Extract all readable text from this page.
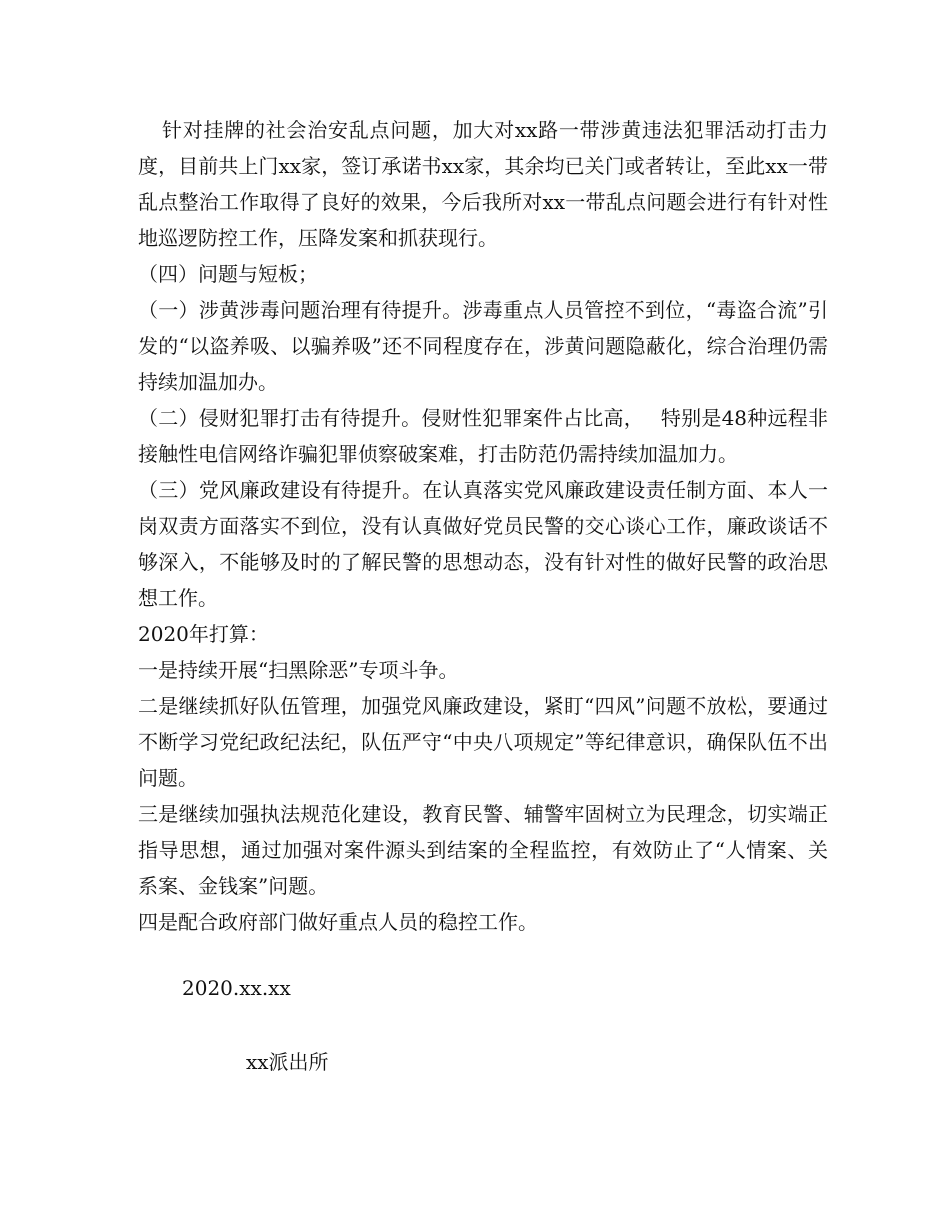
针对挂牌的社会治安乱点问题，加大对xx路一带涉黄违法犯罪活动打击力度，目前共上门xx家，签订承诺书xx家，其余均已关门或者转让，至此xx一带乱点整治工作取得了良好的效果，今后我所对xx一带乱点问题会进行有针对性地巡逻防控工作，压降发案和抓获现行。

（四）问题与短板；

（一）涉黄涉毒问题治理有待提升。涉毒重点人员管控不到位，“毒盗合流”引发的“以盗养吸、以骗养吸”还不同程度存在，涉黄问题隐蔽化，综合治理仍需持续加温加办。

（二）侵财犯罪打击有待提升。侵财性犯罪案件占比高，　 特别是48种远程非接触性电信网络诈骗犯罪侦察破案难，打击防范仍需持续加温加力。

（三）党风廉政建设有待提升。在认真落实党风廉政建设责任制方面、本人一岗双责方面落实不到位，没有认真做好党员民警的交心谈心工作，廉政谈话不够深入，不能够及时的了解民警的思想动态，没有针对性的做好民警的政治思想工作。

2020年打算：

一是持续开展“扫黑除恶”专项斗争。

二是继续抓好队伍管理，加强党风廉政建设，紧盯“四风”问题不放松，要通过不断学习党纪政纪法纪，队伍严守“中央八项规定”等纪律意识，确保队伍不出问题。

三是继续加强执法规范化建设，教育民警、辅警牢固树立为民理念，切实端正指导思想，通过加强对案件源头到结案的全程监控，有效防止了“人情案、关系案、金钱案”问题。

四是配合政府部门做好重点人员的稳控工作。

2020.xx.xx

xx派出所
